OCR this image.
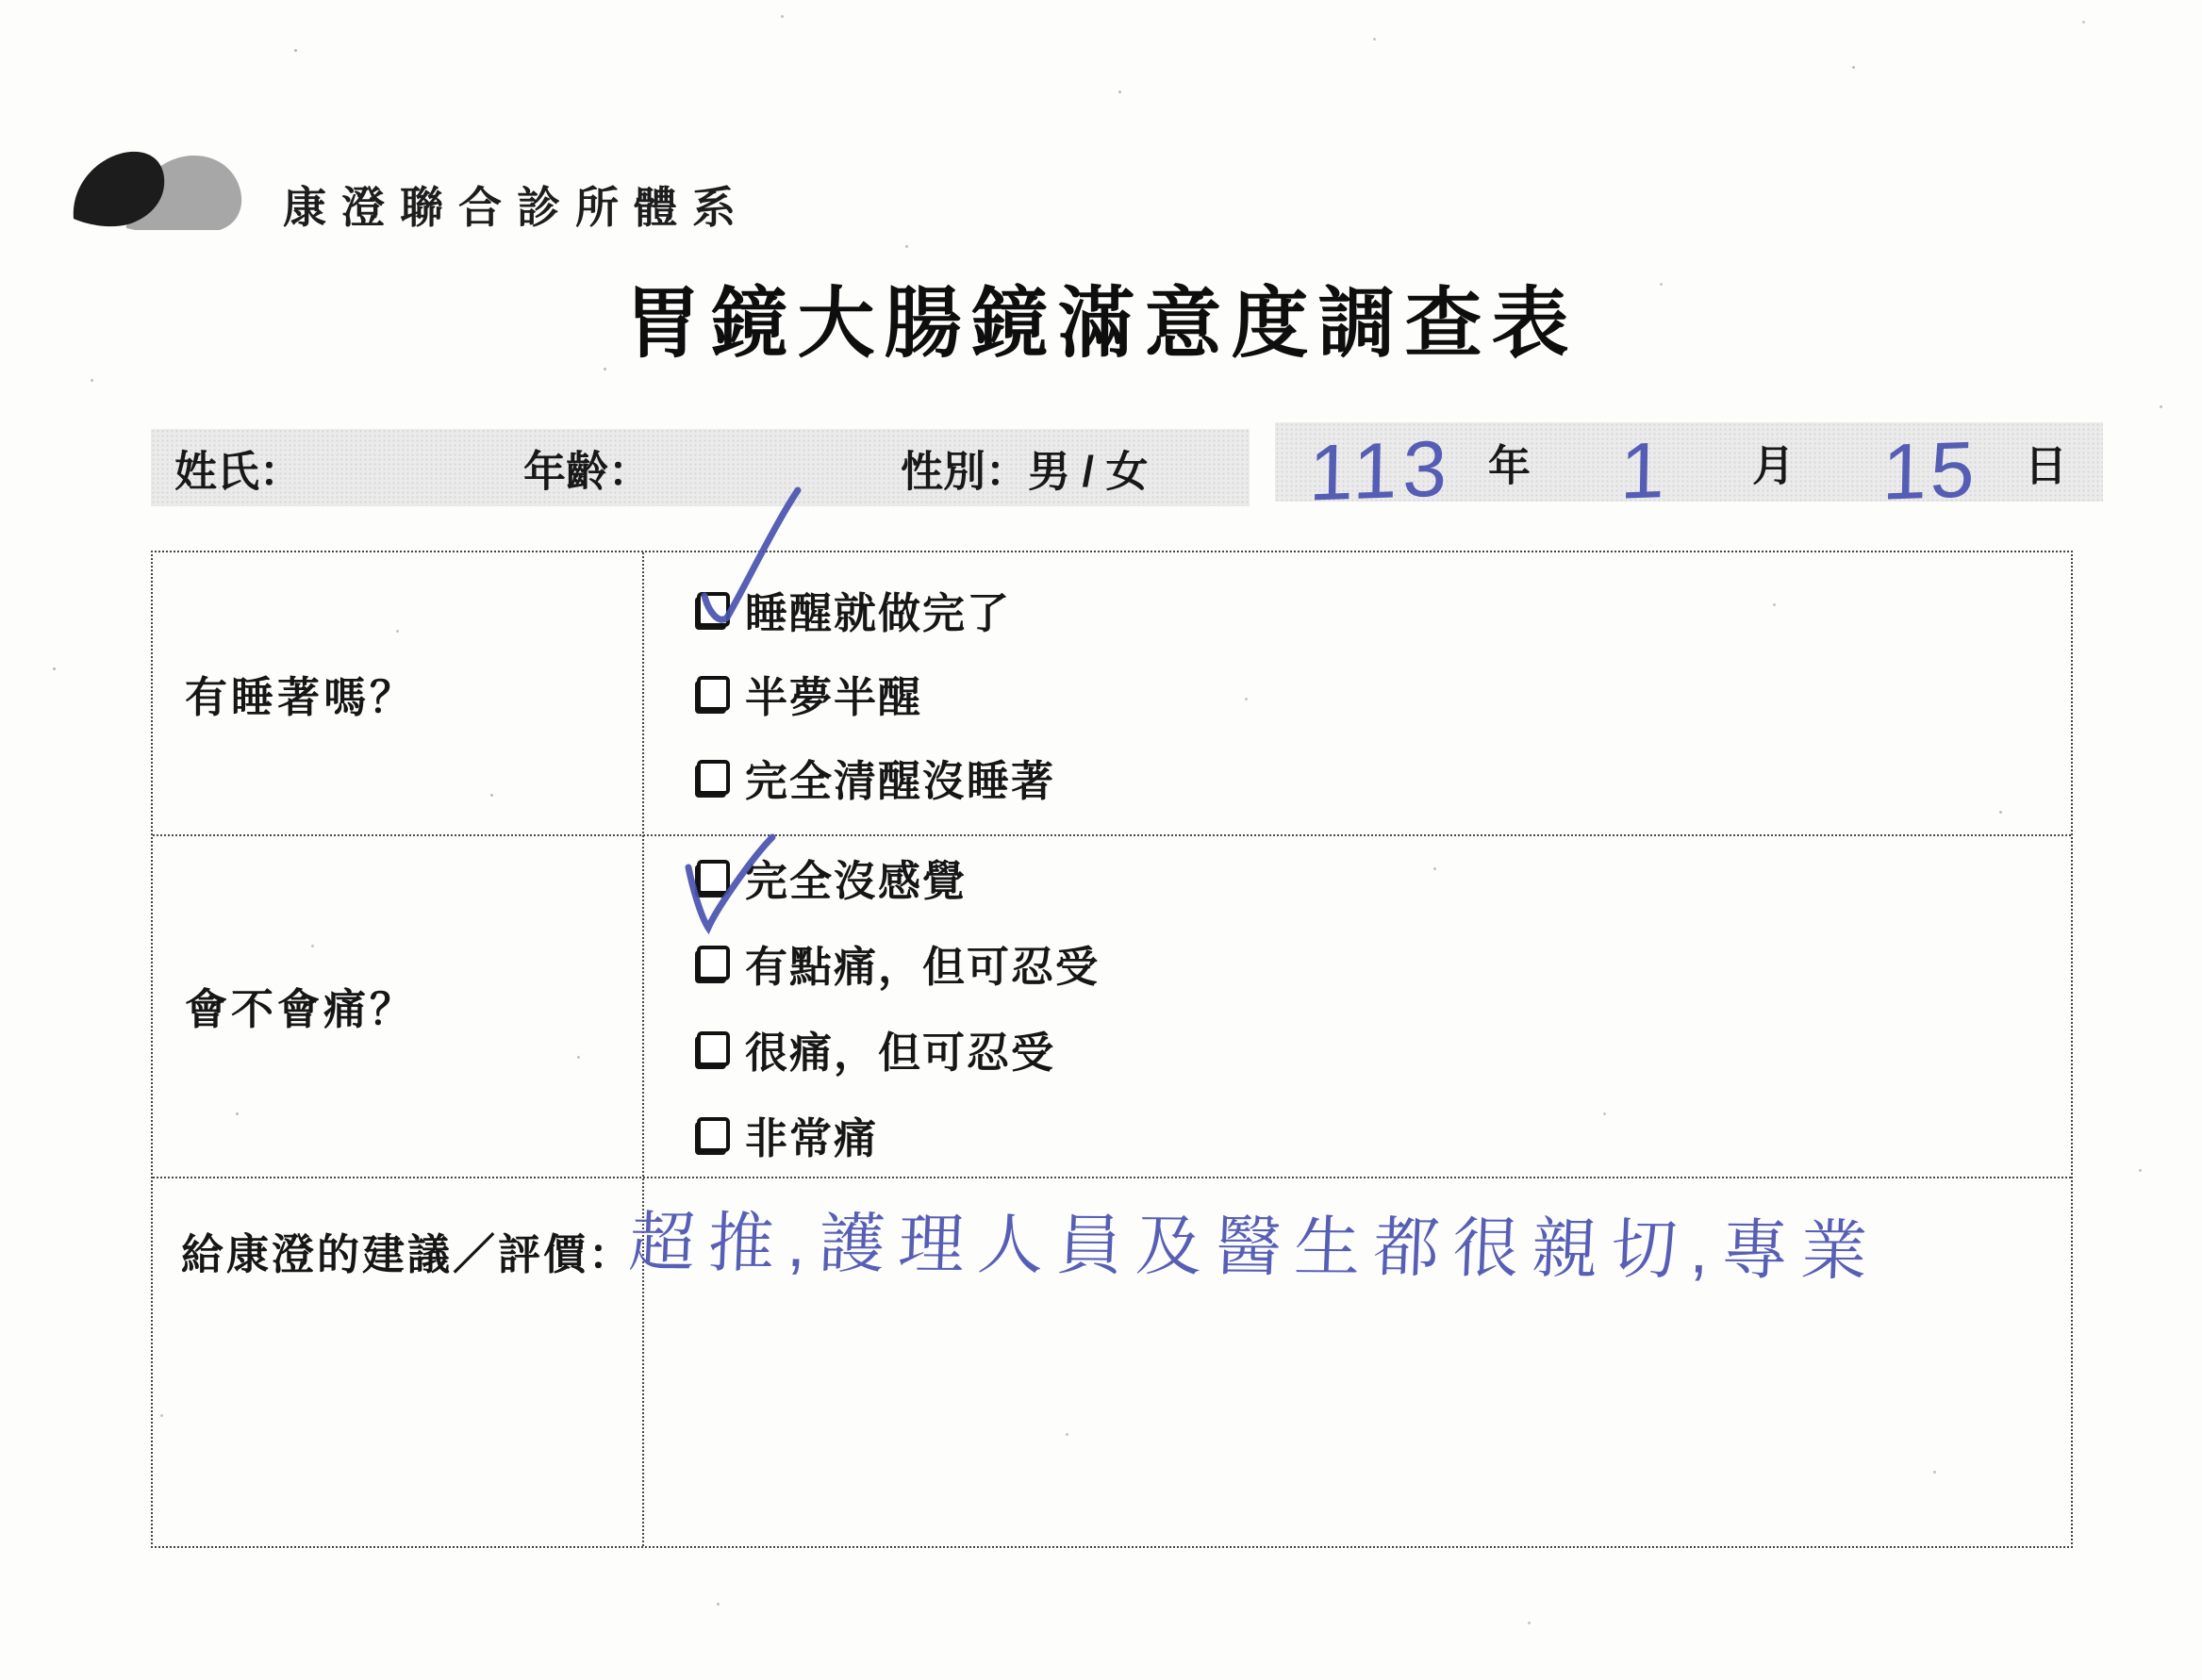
康澄聯合診所體系
胃鏡大腸鏡滿意度調查表
姓氏：	年齡：	性別：男 / 女 113 年 1 月 15 日
有睡著嗎？
睡醒就做完了
半夢半醒
完全清醒沒睡著
會不會痛？
完全沒感覺
有點痛，但可忍受
很痛，但可忍受
非常痛
給康澄的建議／評價：
超推,護理人員及醫生都很親切,專業
